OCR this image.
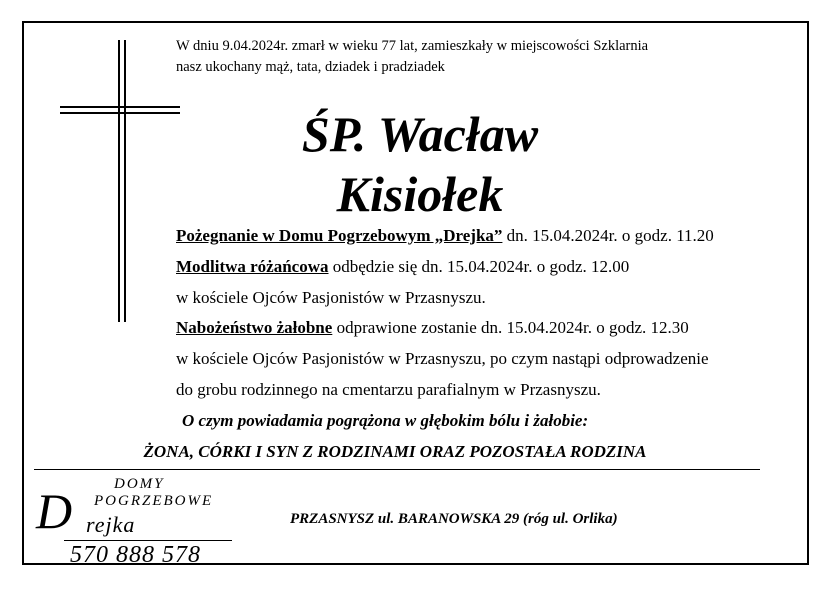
W dniu 9.04.2024r. zmarł w wieku 77 lat, zamieszkały w miejscowości Szklarnia
nasz ukochany mąż, tata, dziadek i pradziadek
ŚP. Wacław
Kisiołek
Pożegnanie w Domu Pogrzebowym „Drejka” dn. 15.04.2024r. o godz. 11.20
Modlitwa różańcowa odbędzie się dn. 15.04.2024r. o godz. 12.00
w kościele Ojców Pasjonistów w Przasnyszu.
Nabożeństwo żałobne odprawione zostanie dn. 15.04.2024r. o godz. 12.30
w kościele Ojców Pasjonistów w Przasnyszu, po czym nastąpi odprowadzenie
do grobu rodzinnego na cmentarzu parafialnym w Przasnyszu.
O czym powiadamia pogrążona w głębokim bólu i żałobie:
ŻONA, CÓRKI I SYN Z RODZINAMI ORAZ POZOSTAŁA RODZINA
DOMY
POGRZEBOWE
D rejka
570 888 578
PRZASNYSZ ul. BARANOWSKA 29 (róg ul. Orlika)
